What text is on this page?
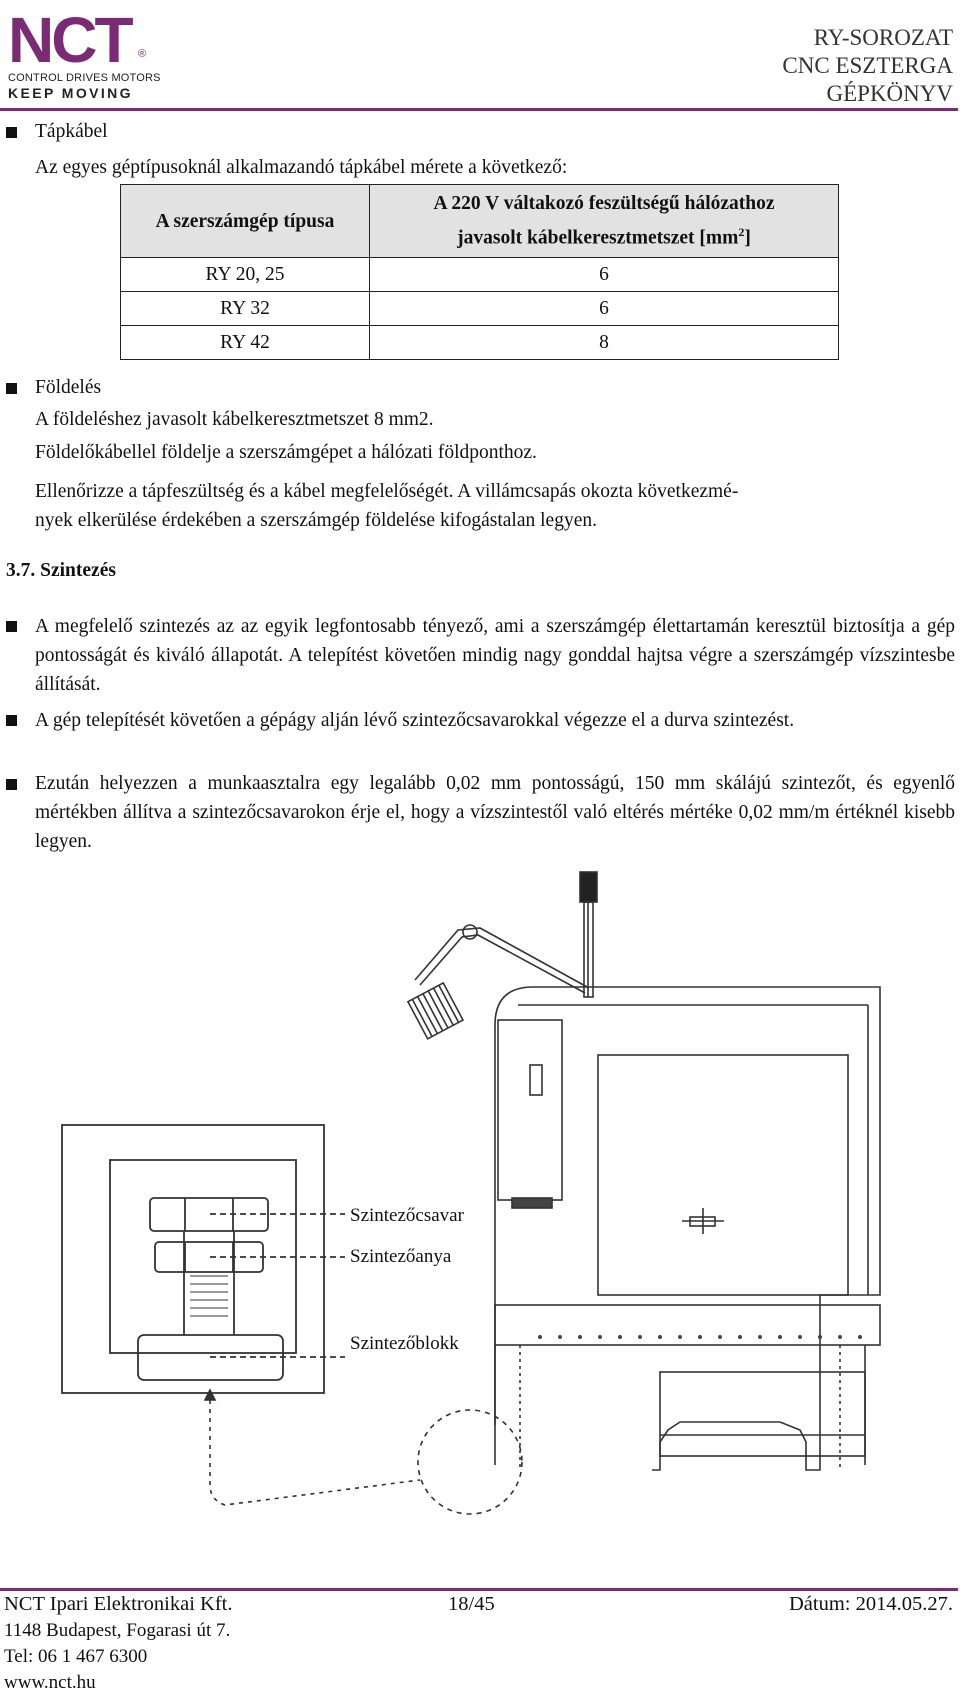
NCT ®
CONTROL DRIVES MOTORS
KEEP MOVING
RY-SOROZAT
CNC ESZTERGA
GÉPKÖNYV
Tápkábel
Az egyes géptípusoknál alkalmazandó tápkábel mérete a következő:
A szerszámgép típusa	A 220 V váltakozó feszültségű hálózathoz
javasolt kábelkeresztmetszet $[mm^2]$

RY 20, 25	6
RY 32	6
RY 42	8
Földelés
A földeléshez javasolt kábelkeresztmetszet 8 mm2.
Földelőkábellel földelje a szerszámgépet a hálózati földponthoz.
Ellenőrizze a tápfeszültség és a kábel megfelelőségét. A villámcsapás okozta következmé-
nyek elkerülése érdekében a szerszámgép földelése kifogástalan legyen.
3.7. Szintezés
A megfelelő szintezés az az egyik legfontosabb tényező, ami a szerszámgép élettartamán keresztül biztosítja a gép pontosságát és kiváló állapotát. A telepítést követően mindig nagy gonddal hajtsa végre a szerszámgép vízszintesbe állítását.
A gép telepítését követően a gépágy alján lévő szintezőcsavarokkal végezze el a durva szintezést.
Ezután helyezzen a munkaasztalra egy legalább 0,02 mm pontosságú, 150 mm skálájú szintezőt, és egyenlő mértékben állítva a szintezőcsavarokon érje el, hogy a vízszintestől való eltérés mértéke 0,02 mm/m értéknél kisebb legyen.
Szintezőcsavar
Szintezőanya
Szintezőblokk
NCT Ipari Elektronikai Kft.	18/45	Dátum: 2014.05.27.
1148 Budapest, Fogarasi út 7.
Tel: 06 1 467 6300
www.nct.hu
